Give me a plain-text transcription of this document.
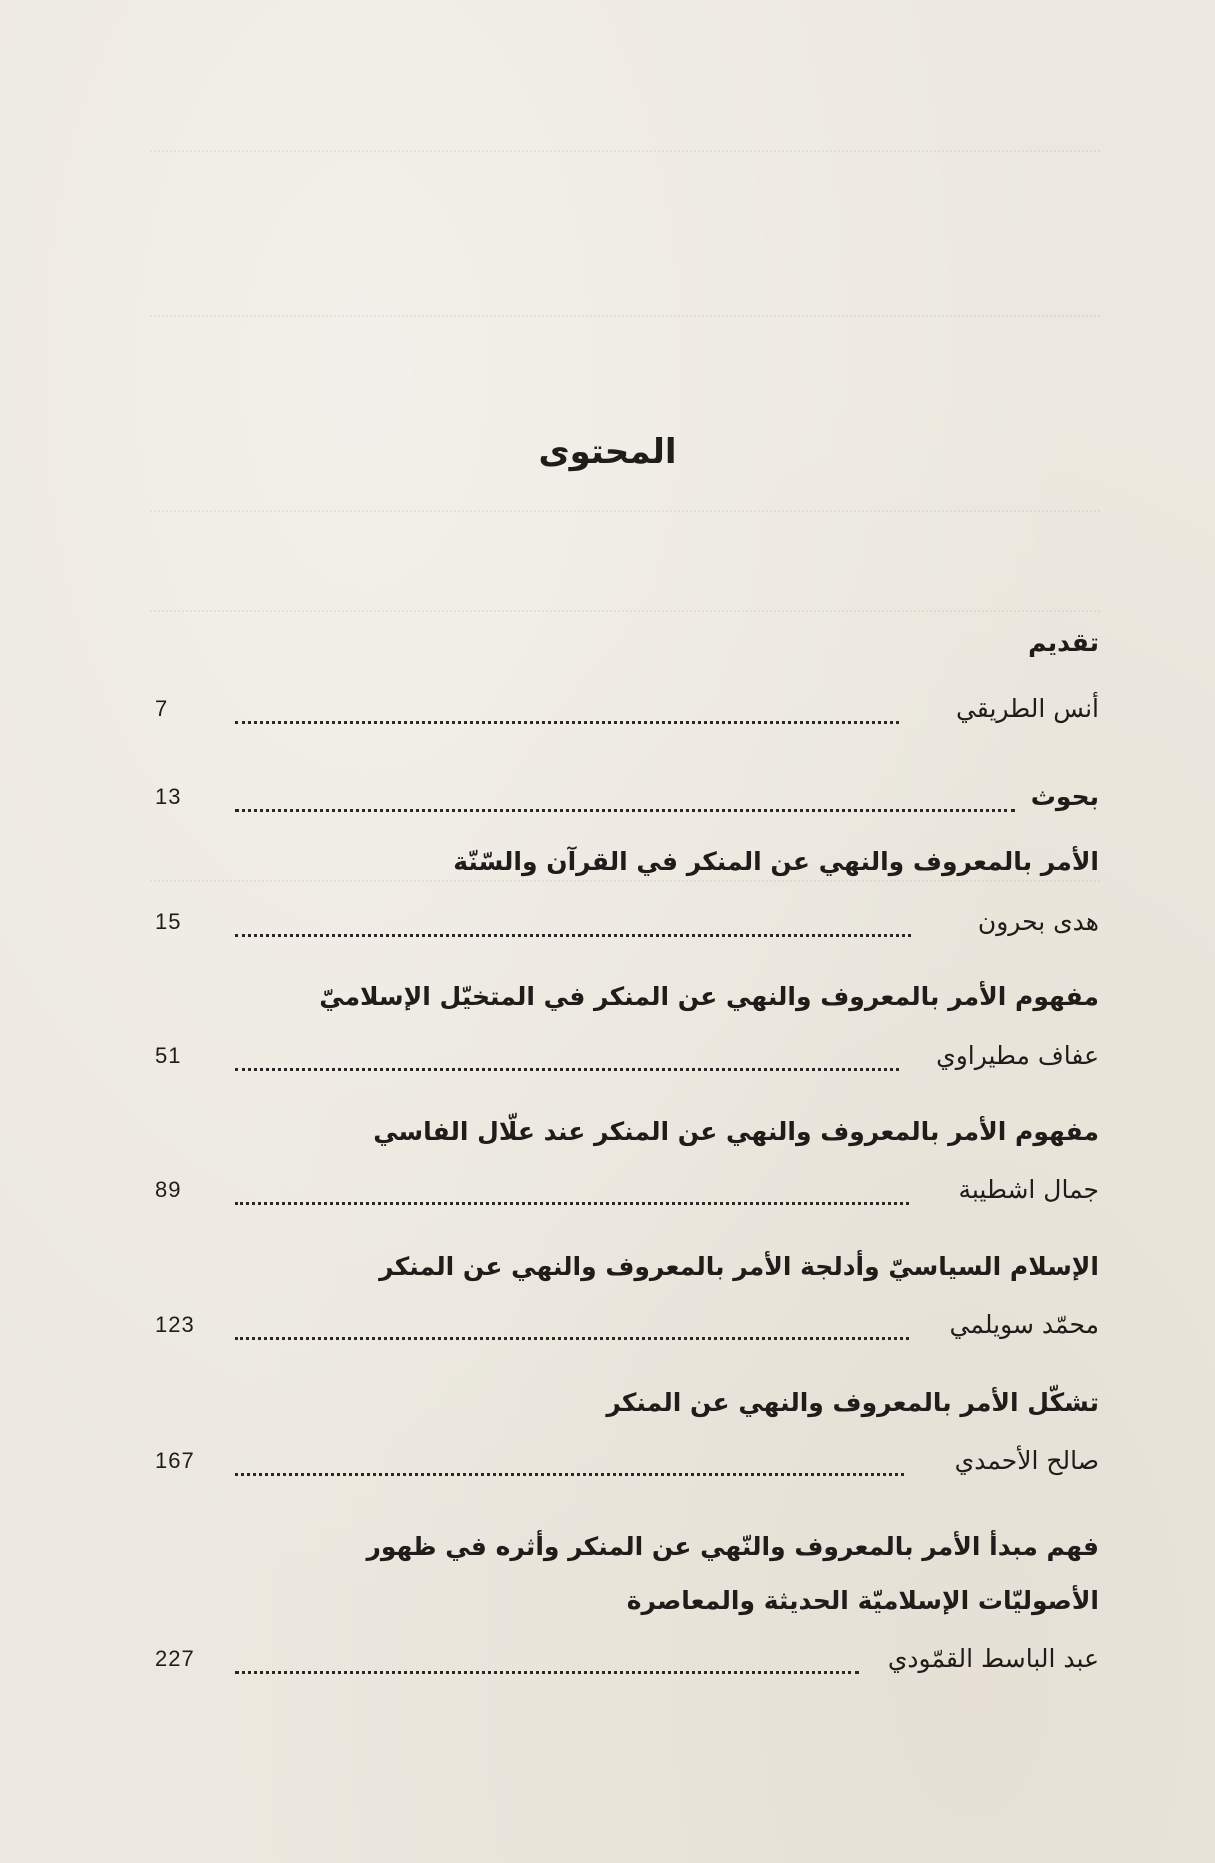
المحتوى
تقديم
أنس الطريقي
7
بحوث
13
الأمر بالمعروف والنهي عن المنكر في القرآن والسّنّة
هدى بحرون
15
مفهوم الأمر بالمعروف والنهي عن المنكر في المتخيّل الإسلاميّ
عفاف مطيراوي
51
مفهوم الأمر بالمعروف والنهي عن المنكر عند علّال الفاسي
جمال اشطيبة
89
الإسلام السياسيّ وأدلجة الأمر بالمعروف والنهي عن المنكر
محمّد سويلمي
123
تشكّل الأمر بالمعروف والنهي عن المنكر
صالح الأحمدي
167
فهم مبدأ الأمر بالمعروف والنّهي عن المنكر وأثره في ظهور
الأصوليّات الإسلاميّة الحديثة والمعاصرة
عبد الباسط القمّودي
227
